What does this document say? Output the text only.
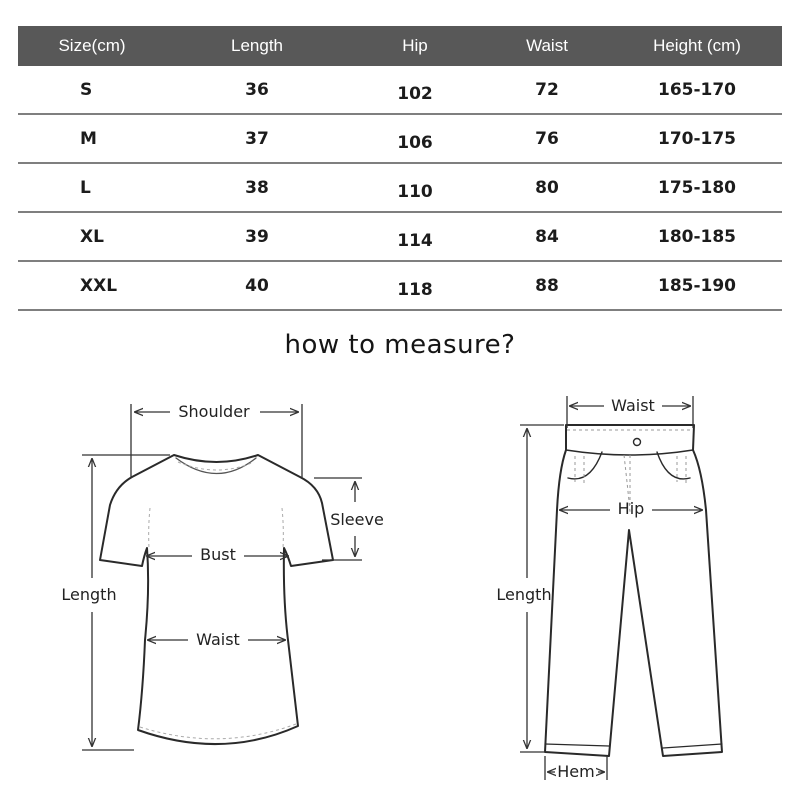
Size(cm)	Length	Hip	Waist	Height (cm)
S	36	102	72	165-170
M	37	106	76	170-175
L	38	110	80	175-180
XL	39	114	84	180-185
XXL	40	118	88	185-190
how to measure?
Shoulder
Sleeve
Bust
Waist
Length
Waist
Hip
Length
Hem
